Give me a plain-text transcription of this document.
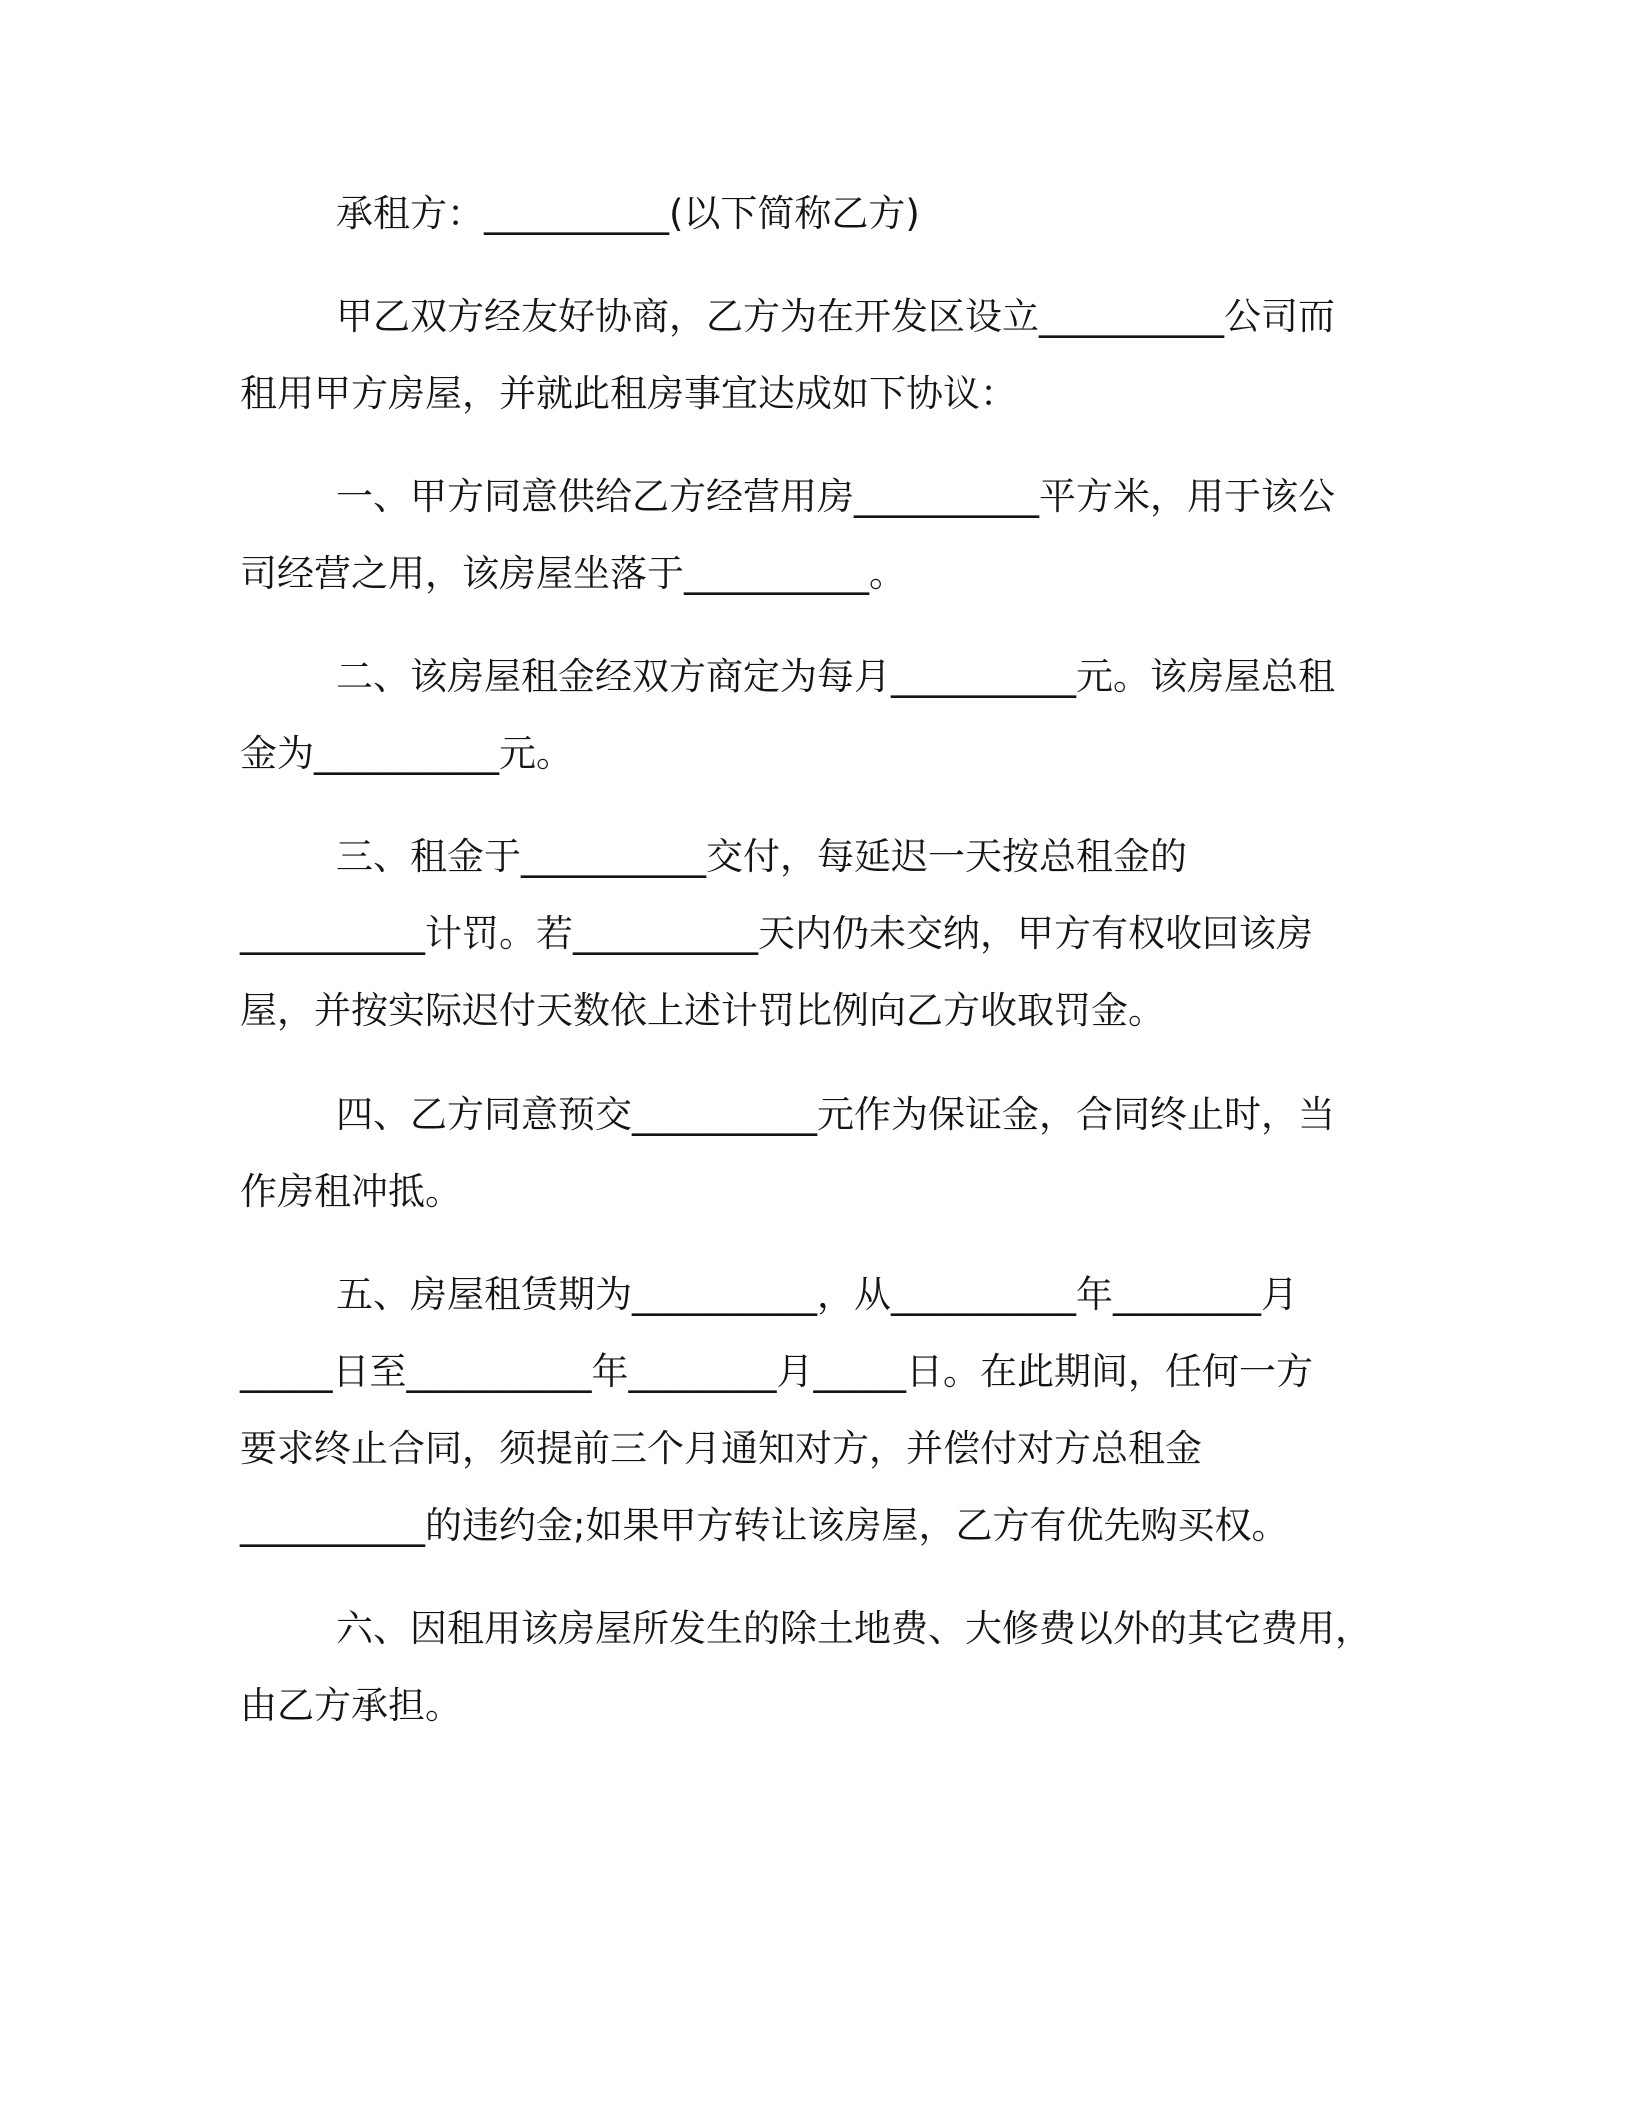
承租方：__________(以下简称乙方)
甲乙双方经友好协商，乙方为在开发区设立__________公司而
租用甲方房屋，并就此租房事宜达成如下协议：
一、甲方同意供给乙方经营用房__________平方米，用于该公
司经营之用，该房屋坐落于__________。
二、该房屋租金经双方商定为每月__________元。该房屋总租
金为__________元。
三、租金于__________交付，每延迟一天按总租金的
__________计罚。若__________天内仍未交纳，甲方有权收回该房
屋，并按实际迟付天数依上述计罚比例向乙方收取罚金。
四、乙方同意预交__________元作为保证金，合同终止时，当
作房租冲抵。
五、房屋租赁期为__________，从__________年________月
_____日至__________年________月_____日。在此期间，任何一方
要求终止合同，须提前三个月通知对方，并偿付对方总租金
__________的违约金;如果甲方转让该房屋，乙方有优先购买权。
六、因租用该房屋所发生的除土地费、大修费以外的其它费用，
由乙方承担。
